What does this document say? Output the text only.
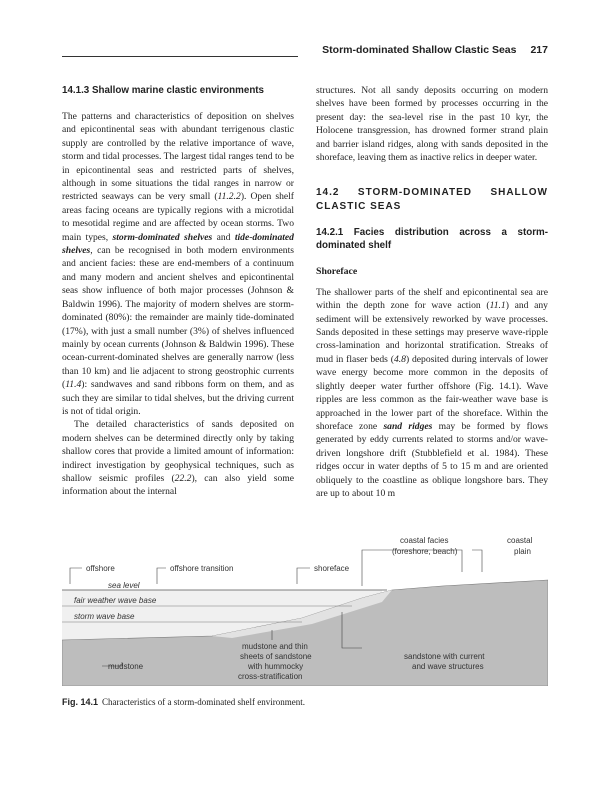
Storm-dominated Shallow Clastic Seas 217

14.1.3 Shallow marine clastic environments

The patterns and characteristics of deposition on shelves and epicontinental seas with abundant terrigenous clastic supply are controlled by the relative importance of wave, storm and tidal processes. The largest tidal ranges tend to be in epicontinental seas and restricted parts of shelves, although in some situations the tidal ranges in narrow or restricted seaways can be very small (11.2.2). Open shelf areas facing oceans are typically regions with a microtidal to mesotidal regime and are affected by ocean storms. Two main types, storm-dominated shelves and tide-dominated shelves, can be recognised in both modern environments and ancient facies: these are end-members of a continuum and many modern and ancient shelves and epicontinental seas show influence of both major processes (Johnson & Baldwin 1996). The majority of modern shelves are storm-dominated (80%): the remainder are mainly tide-dominated (17%), with just a small number (3%) of shelves influenced mainly by ocean currents (Johnson & Baldwin 1996). These ocean-current-dominated shelves are generally narrow (less than 10 km) and lie adjacent to strong geostrophic currents (11.4): sandwaves and sand ribbons form on them, and as such they are similar to tidal shelves, but the driving current is not of tidal origin.

The detailed characteristics of sands deposited on modern shelves can be determined directly only by taking shallow cores that provide a limited amount of information: indirect investigation by geophysical techniques, such as shallow seismic profiles (22.2), can also yield some information about the internal

structures. Not all sandy deposits occurring on modern shelves have been formed by processes occurring in the present day: the sea-level rise in the past 10 kyr, the Holocene transgression, has drowned former strand plain and barrier island ridges, along with sands deposited in the shoreface, leaving them as inactive relics in deeper water.

14.2 STORM-DOMINATED SHALLOW CLASTIC SEAS

14.2.1 Facies distribution across a storm-dominated shelf

Shoreface

The shallower parts of the shelf and epicontinental sea are within the depth zone for wave action (11.1) and any sediment will be extensively reworked by wave processes. Sands deposited in these settings may preserve wave-ripple cross-lamination and horizontal stratification. Streaks of mud in flaser beds (4.8) deposited during intervals of lower wave energy become more common in the deposits of slightly deeper water further offshore (Fig. 14.1). Wave ripples are less common as the fair-weather wave base is approached in the lower part of the shoreface. Within the shoreface zone sand ridges may be formed by flows generated by eddy currents related to storms and/or wave-driven longshore drift (Stubblefield et al. 1984). These ridges occur in water depths of 5 to 15 m and are oriented obliquely to the coastline as oblique longshore bars. They are up to about 10 m

offshore	offshore transition	shoreface
coastal facies
(foreshore, beach)
coastal
plain
sea level
fair weather wave base
storm wave base
mudstone
mudstone and thin
sheets of sandstone
with hummocky
cross-stratification
sandstone with current
and wave structures
Fig. 14.1 Characteristics of a storm-dominated shelf environment.
